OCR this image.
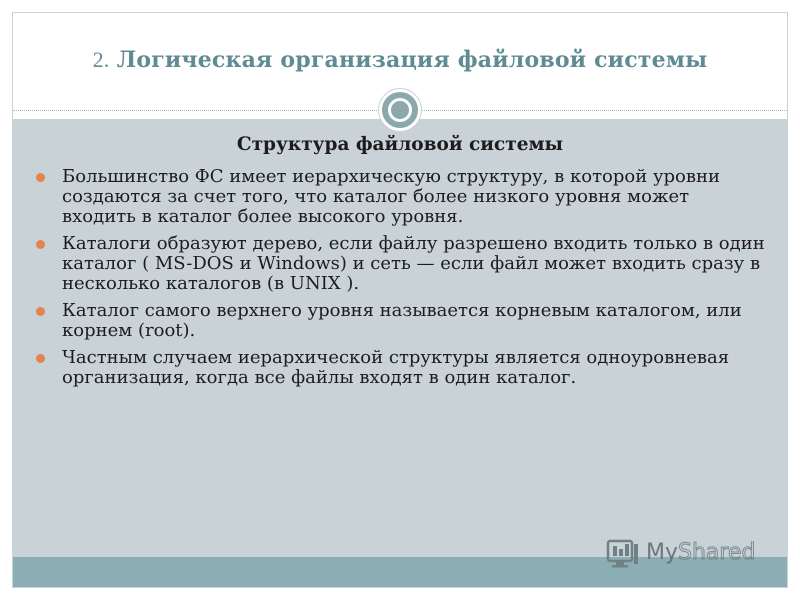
2. Логическая организация файловой системы
Структура файловой системы
Большинство ФС имеет иерархическую структуру, в которой уровни создаются за счет того, что каталог более низкого уровня может входить в каталог более высокого уровня.
Каталоги образуют дерево, если файлу разрешено входить только в один каталог ( MS-DOS и Windows) и сеть — если файл может входить сразу в несколько каталогов (в UNIX ).
Каталог самого верхнего уровня называется корневым каталогом, или корнем (root).
Частным случаем иерархической структуры является одноуровневая организация, когда все файлы входят в один каталог.
MyShared
